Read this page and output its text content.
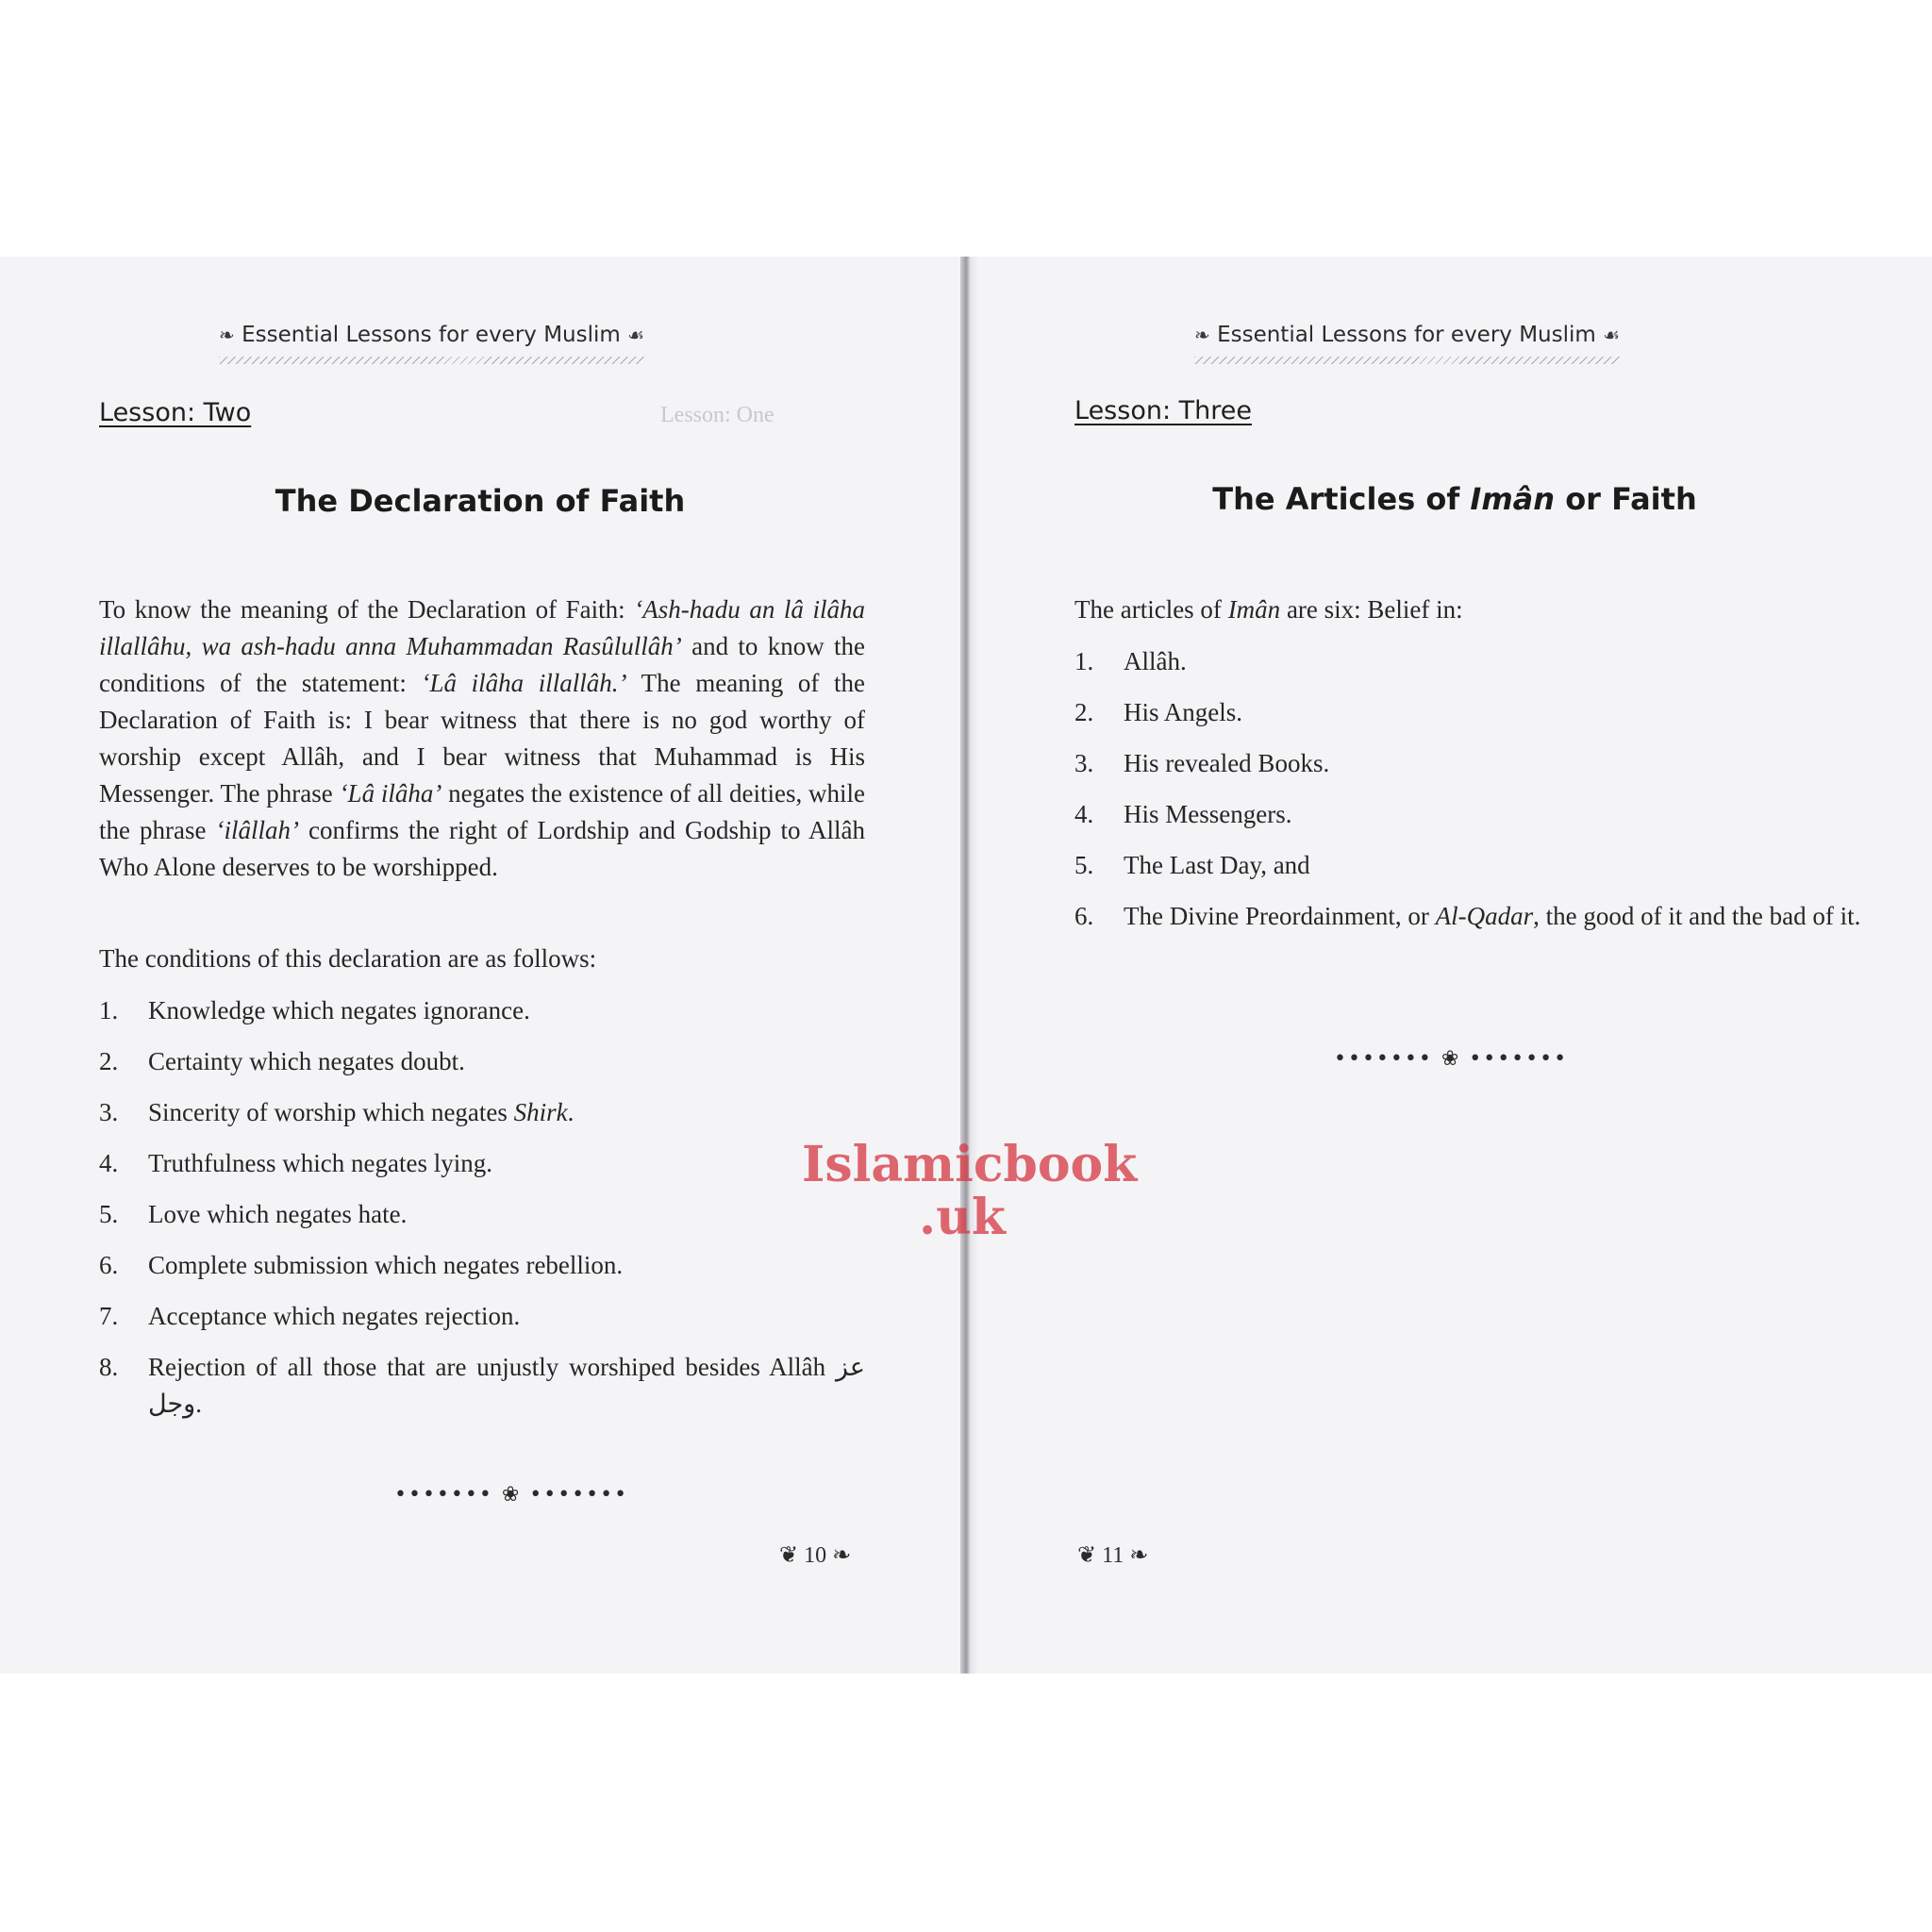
❧ Essential Lessons for every Muslim ☙
Lesson: One
Lesson: Two
The Declaration of Faith
To know the meaning of the Declaration of Faith: ‘Ash-hadu an lâ ilâha illallâhu, wa ash-hadu anna Muhammadan Rasûlullâh’ and to know the conditions of the statement: ‘Lâ ilâha illallâh.’ The meaning of the Declaration of Faith is: I bear witness that there is no god worthy of worship except Allâh, and I bear witness that Muhammad is His Messenger. The phrase ‘Lâ ilâha’ negates the existence of all deities, while the phrase ‘ilâllah’ confirms the right of Lordship and Godship to Allâh Who Alone deserves to be worshipped.
The conditions of this declaration are as follows:
1.	Knowledge which negates ignorance.
2.	Certainty which negates doubt.
3.	Sincerity of worship which negates Shirk.
4.	Truthfulness which negates lying.
5.	Love which negates hate.
6.	Complete submission which negates rebellion.
7.	Acceptance which negates rejection.
8.	Rejection of all those that are unjustly worshiped besides Allâh عز وجل.
••••••• ❀ •••••••
❦ 10 ❧
❧ Essential Lessons for every Muslim ☙
Lesson: Three
The Articles of Imân or Faith
The articles of Imân are six: Belief in:
1.	Allâh.
2.	His Angels.
3.	His revealed Books.
4.	His Messengers.
5.	The Last Day, and
6.	The Divine Preordainment, or Al-Qadar, the good of it and the bad of it.
••••••• ❀ •••••••
❦ 11 ❧
Islamicbook
.uk
